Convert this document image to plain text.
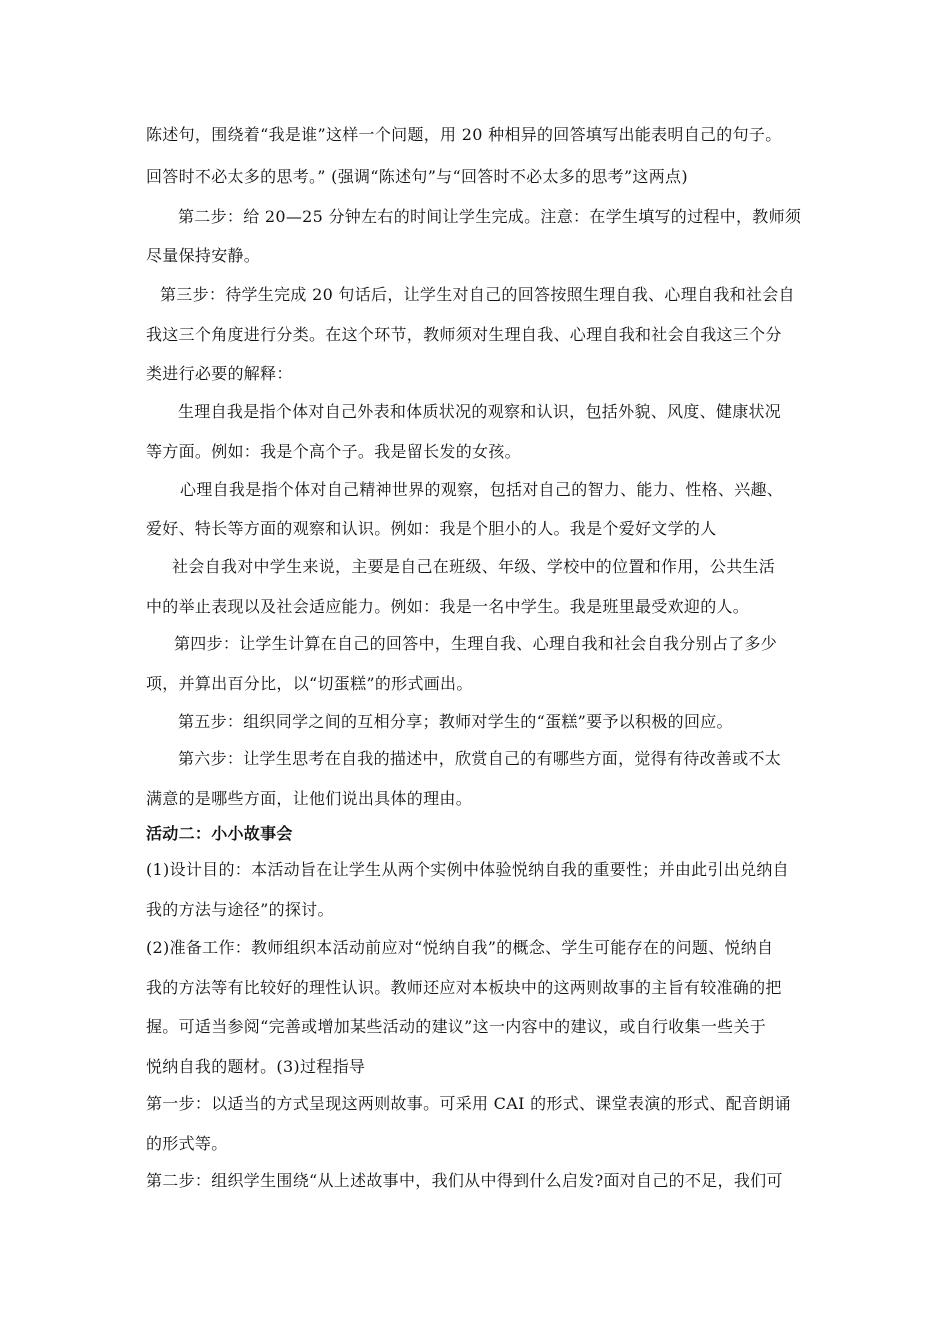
陈述句，围绕着“我是谁”这样一个问题，用 20 种相异的回答填写出能表明自己的句子。
回答时不必太多的思考。” (强调“陈述句”与“回答时不必太多的思考”这两点)
第二步：给 20—25 分钟左右的时间让学生完成。注意：在学生填写的过程中，教师须
尽量保持安静。
第三步：待学生完成 20 句话后，让学生对自己的回答按照生理自我、心理自我和社会自
我这三个角度进行分类。在这个环节，教师须对生理自我、心理自我和社会自我这三个分
类进行必要的解释：
生理自我是指个体对自己外表和体质状况的观察和认识，包括外貌、风度、健康状况
等方面。例如：我是个高个子。我是留长发的女孩。
心理自我是指个体对自己精神世界的观察，包括对自己的智力、能力、性格、兴趣、
爱好、特长等方面的观察和认识。例如：我是个胆小的人。我是个爱好文学的人
社会自我对中学生来说，主要是自己在班级、年级、学校中的位置和作用，公共生活
中的举止表现以及社会适应能力。例如：我是一名中学生。我是班里最受欢迎的人。
第四步：让学生计算在自己的回答中，生理自我、心理自我和社会自我分别占了多少
项，并算出百分比，以“切蛋糕”的形式画出。
第五步：组织同学之间的互相分享；教师对学生的“蛋糕”要予以积极的回应。
第六步：让学生思考在自我的描述中，欣赏自己的有哪些方面，觉得有待改善或不太
满意的是哪些方面，让他们说出具体的理由。
活动二：小小故事会
(1)设计目的：本活动旨在让学生从两个实例中体验悦纳自我的重要性；并由此引出兑纳自
我的方法与途径”的探讨。
(2)准备工作：教师组织本活动前应对“悦纳自我”的概念、学生可能存在的问题、悦纳自
我的方法等有比较好的理性认识。教师还应对本板块中的这两则故事的主旨有较准确的把
握。可适当参阅“完善或增加某些活动的建议”这一内容中的建议，或自行收集一些关于
悦纳自我的题材。(3)过程指导
第一步：以适当的方式呈现这两则故事。可采用 CAI 的形式、课堂表演的形式、配音朗诵
的形式等。
第二步：组织学生围绕“从上述故事中，我们从中得到什么启发?面对自己的不足，我们可
